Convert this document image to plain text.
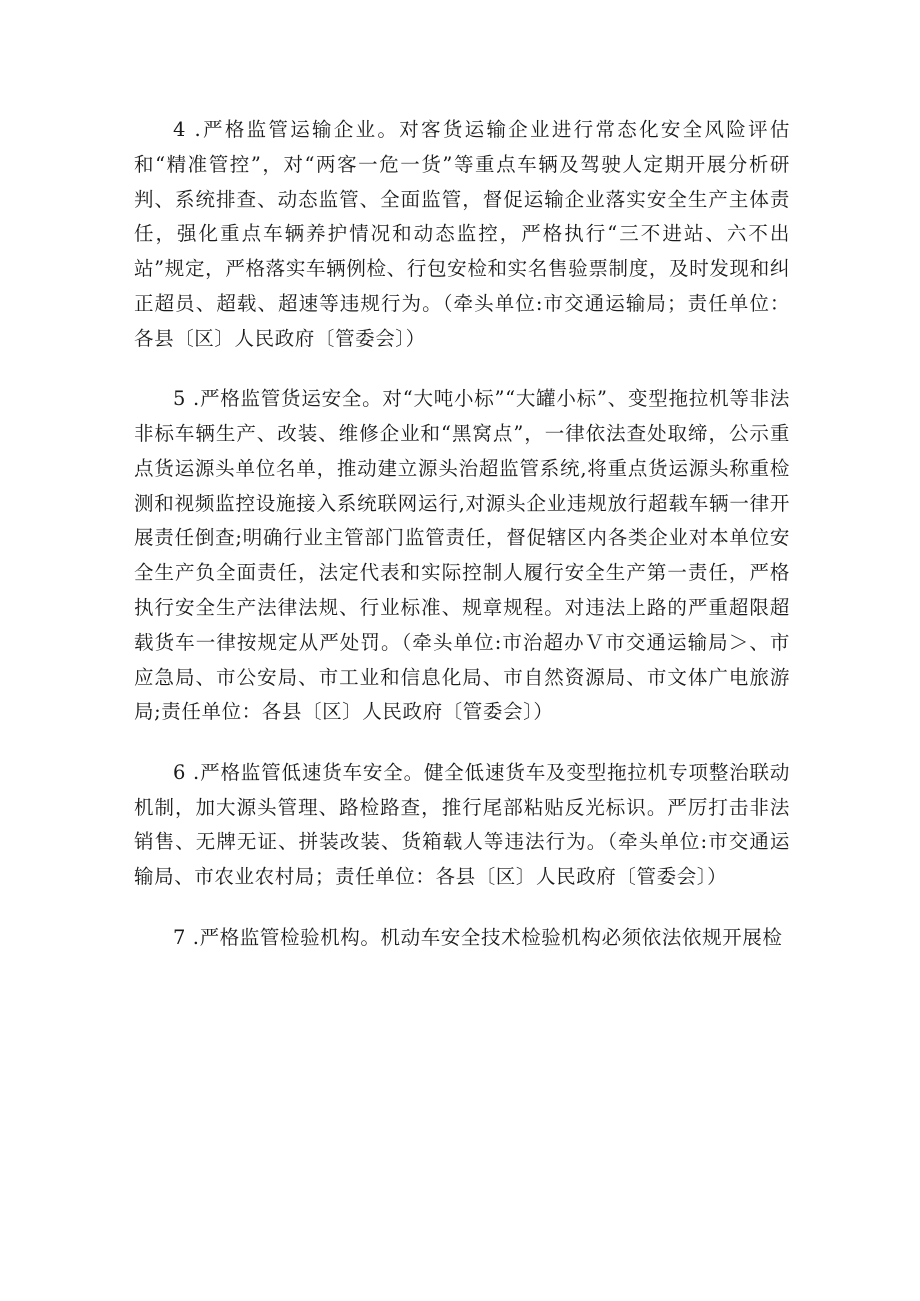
4 .严格监管运输企业。对客货运输企业进行常态化安全风险评估和“精准管控”，对“两客一危一货”等重点车辆及驾驶人定期开展分析研判、系统排查、动态监管、全面监管，督促运输企业落实安全生产主体责任，强化重点车辆养护情况和动态监控，严格执行“三不进站、六不出站”规定，严格落实车辆例检、行包安检和实名售验票制度，及时发现和纠正超员、超载、超速等违规行为。（牵头单位:市交通运输局；责任单位：各县〔区〕人民政府〔管委会〕）

5 .严格监管货运安全。对“大吨小标”“大罐小标”、变型拖拉机等非法非标车辆生产、改装、维修企业和“黑窝点”，一律依法查处取缔，公示重点货运源头单位名单，推动建立源头治超监管系统,将重点货运源头称重检测和视频监控设施接入系统联网运行,对源头企业违规放行超载车辆一律开展责任倒查;明确行业主管部门监管责任，督促辖区内各类企业对本单位安全生产负全面责任，法定代表和实际控制人履行安全生产第一责任，严格执行安全生产法律法规、行业标准、规章规程。对违法上路的严重超限超载货车一律按规定从严处罚。（牵头单位:市治超办Ｖ市交通运输局＞、市应急局、市公安局、市工业和信息化局、市自然资源局、市文体广电旅游局;责任单位：各县〔区〕人民政府〔管委会〕）

6 .严格监管低速货车安全。健全低速货车及变型拖拉机专项整治联动机制，加大源头管理、路检路查，推行尾部粘贴反光标识。严厉打击非法销售、无牌无证、拼装改装、货箱载人等违法行为。（牵头单位:市交通运输局、市农业农村局；责任单位：各县〔区〕人民政府〔管委会〕）

7 .严格监管检验机构。机动车安全技术检验机构必须依法依规开展检
